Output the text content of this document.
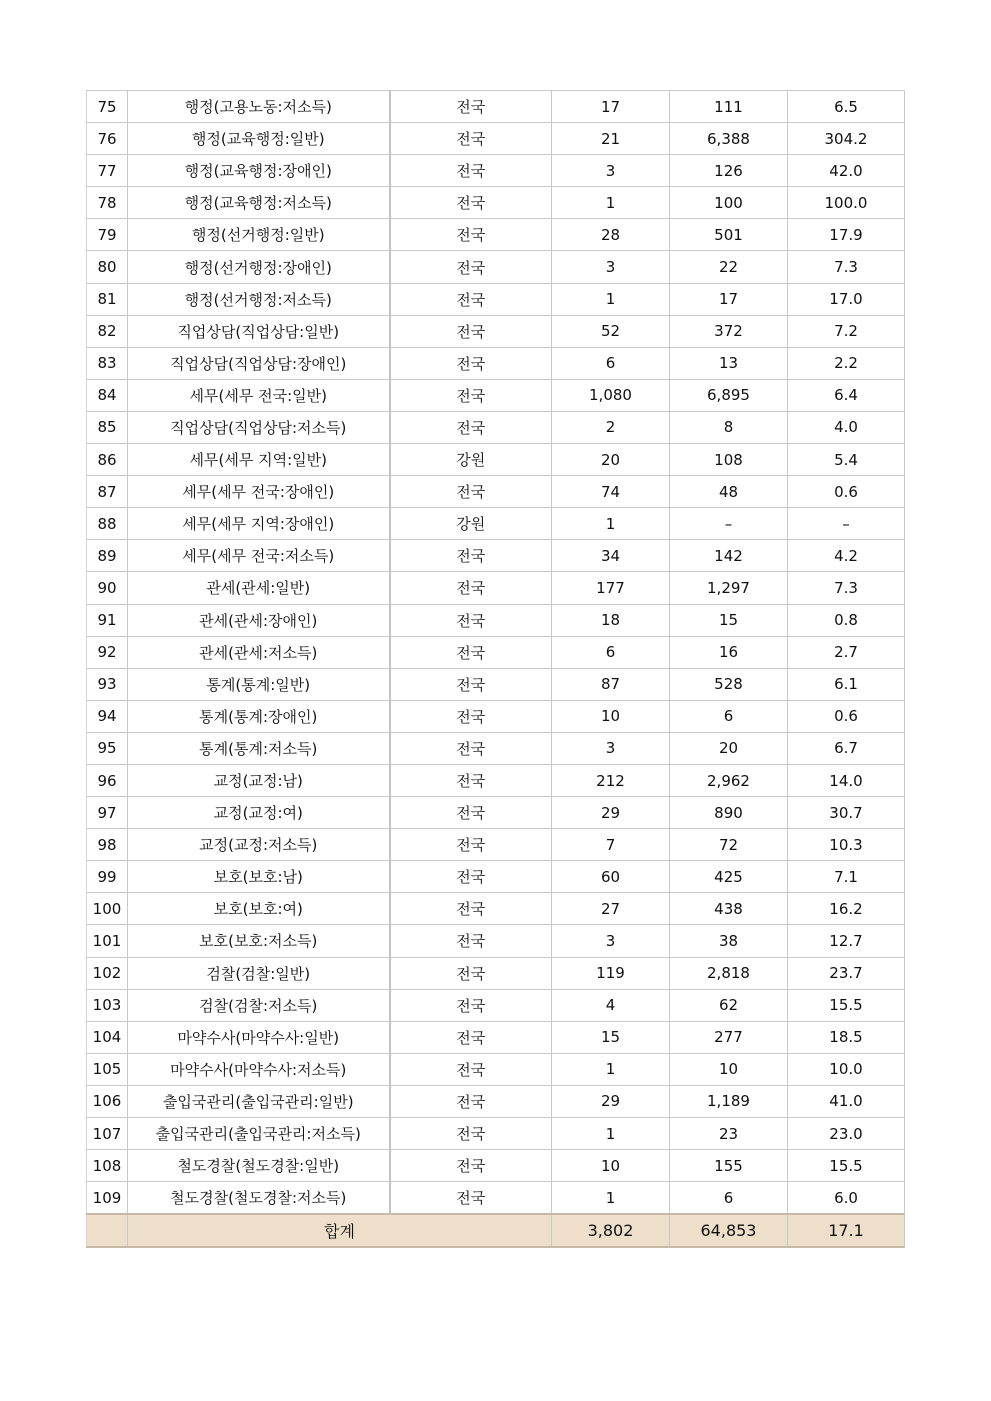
75	행정(고용노동:저소득)	전국	17	111	6.5
76	행정(교육행정:일반)	전국	21	6,388	304.2
77	행정(교육행정:장애인)	전국	3	126	42.0
78	행정(교육행정:저소득)	전국	1	100	100.0
79	행정(선거행정:일반)	전국	28	501	17.9
80	행정(선거행정:장애인)	전국	3	22	7.3
81	행정(선거행정:저소득)	전국	1	17	17.0
82	직업상담(직업상담:일반)	전국	52	372	7.2
83	직업상담(직업상담:장애인)	전국	6	13	2.2
84	세무(세무 전국:일반)	전국	1,080	6,895	6.4
85	직업상담(직업상담:저소득)	전국	2	8	4.0
86	세무(세무 지역:일반)	강원	20	108	5.4
87	세무(세무 전국:장애인)	전국	74	48	0.6
88	세무(세무 지역:장애인)	강원	1	–	–
89	세무(세무 전국:저소득)	전국	34	142	4.2
90	관세(관세:일반)	전국	177	1,297	7.3
91	관세(관세:장애인)	전국	18	15	0.8
92	관세(관세:저소득)	전국	6	16	2.7
93	통계(통계:일반)	전국	87	528	6.1
94	통계(통계:장애인)	전국	10	6	0.6
95	통계(통계:저소득)	전국	3	20	6.7
96	교정(교정:남)	전국	212	2,962	14.0
97	교정(교정:여)	전국	29	890	30.7
98	교정(교정:저소득)	전국	7	72	10.3
99	보호(보호:남)	전국	60	425	7.1
100	보호(보호:여)	전국	27	438	16.2
101	보호(보호:저소득)	전국	3	38	12.7
102	검찰(검찰:일반)	전국	119	2,818	23.7
103	검찰(검찰:저소득)	전국	4	62	15.5
104	마약수사(마약수사:일반)	전국	15	277	18.5
105	마약수사(마약수사:저소득)	전국	1	10	10.0
106	출입국관리(출입국관리:일반)	전국	29	1,189	41.0
107	출입국관리(출입국관리:저소득)	전국	1	23	23.0
108	철도경찰(철도경찰:일반)	전국	10	155	15.5
109	철도경찰(철도경찰:저소득)	전국	1	6	6.0
	합계		3,802	64,853	17.1
